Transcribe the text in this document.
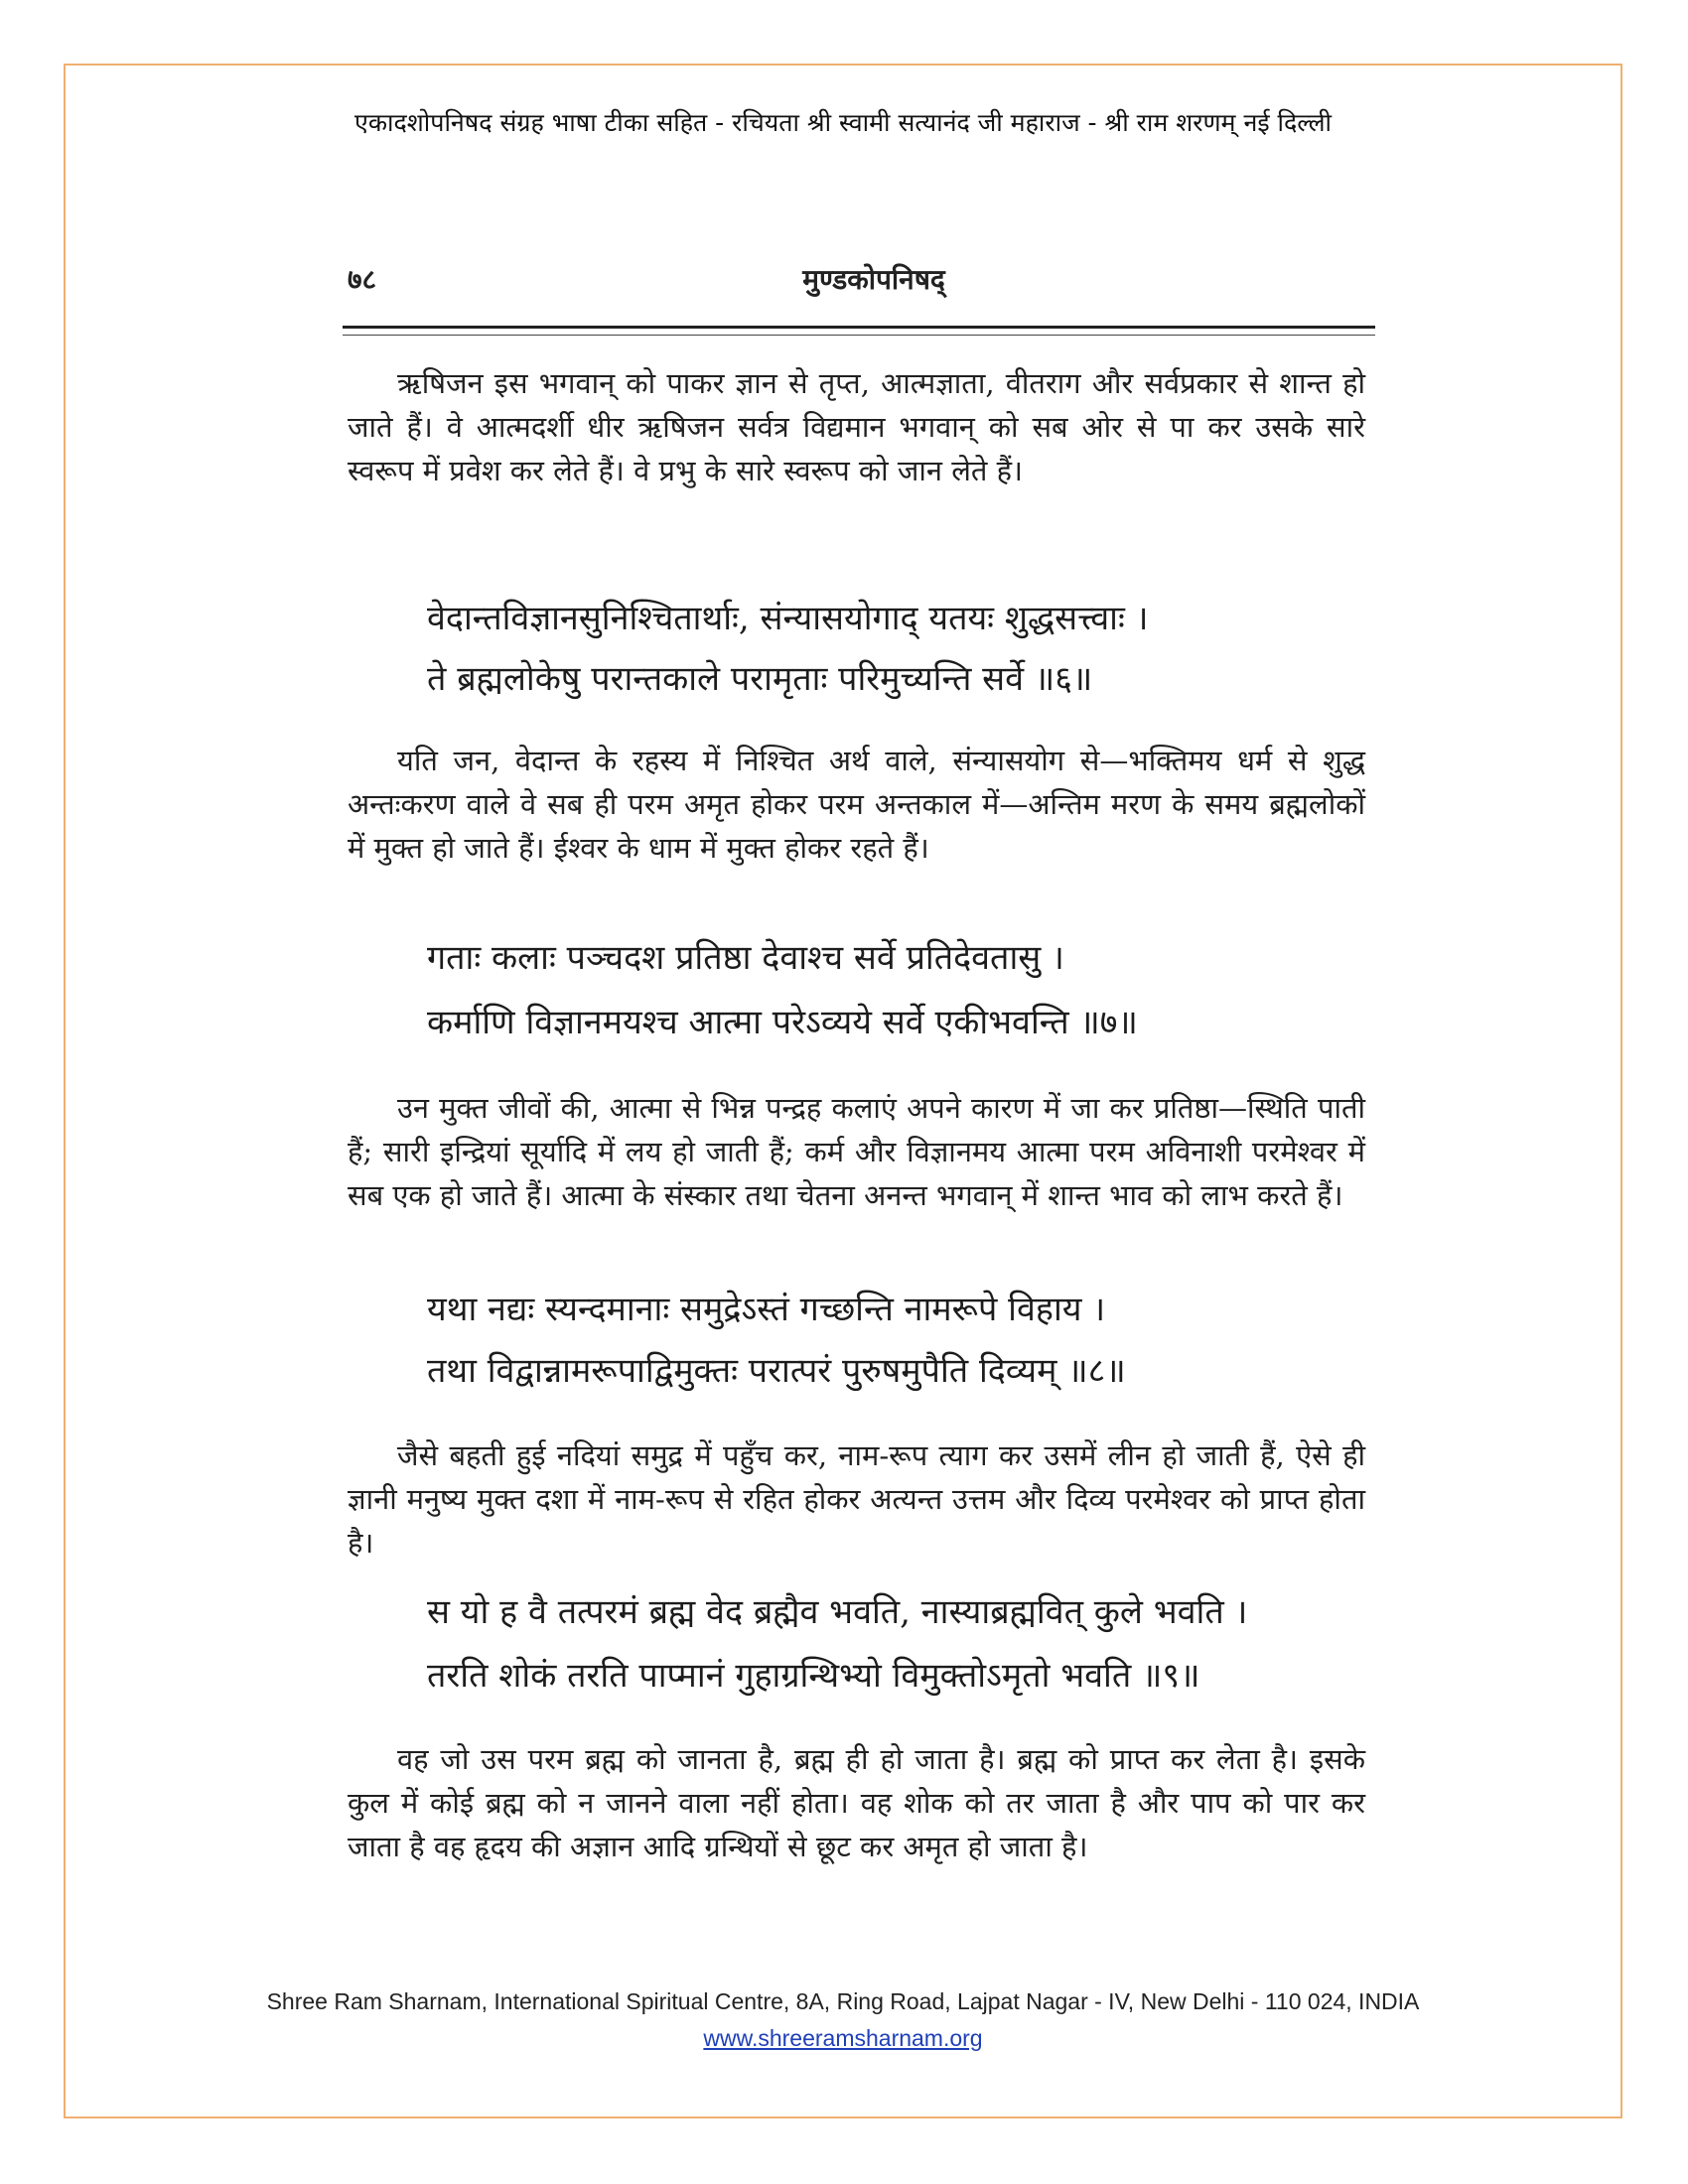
एकादशोपनिषद संग्रह भाषा टीका सहित - रचियता श्री स्वामी सत्यानंद जी महाराज - श्री राम शरणम् नई दिल्ली
७८	मुण्डकोपनिषद्

ऋषिजन इस भगवान् को पाकर ज्ञान से तृप्त, आत्मज्ञाता, वीतराग और सर्वप्रकार से शान्त हो जाते हैं। वे आत्मदर्शी धीर ऋषिजन सर्वत्र विद्यमान भगवान् को सब ओर से पा कर उसके सारे स्वरूप में प्रवेश कर लेते हैं। वे प्रभु के सारे स्वरूप को जान लेते हैं।

वेदान्तविज्ञानसुनिश्चितार्थाः, संन्यासयोगाद् यतयः शुद्धसत्त्वाः ।

ते ब्रह्मलोकेषु परान्तकाले परामृताः परिमुच्यन्ति सर्वे ॥६॥

यति जन, वेदान्त के रहस्य में निश्चित अर्थ वाले, संन्यासयोग से—भक्तिमय धर्म से शुद्ध अन्तःकरण वाले वे सब ही परम अमृत होकर परम अन्तकाल में—अन्तिम मरण के समय ब्रह्मलोकों में मुक्त हो जाते हैं। ईश्वर के धाम में मुक्त होकर रहते हैं।

गताः कलाः पञ्चदश प्रतिष्ठा देवाश्च सर्वे प्रतिदेवतासु ।

कर्माणि विज्ञानमयश्च आत्मा परेऽव्यये सर्वे एकीभवन्ति ॥७॥

उन मुक्त जीवों की, आत्मा से भिन्न पन्द्रह कलाएं अपने कारण में जा कर प्रतिष्ठा—स्थिति पाती हैं; सारी इन्द्रियां सूर्यादि में लय हो जाती हैं; कर्म और विज्ञानमय आत्मा परम अविनाशी परमेश्वर में सब एक हो जाते हैं। आत्मा के संस्कार तथा चेतना अनन्त भगवान् में शान्त भाव को लाभ करते हैं।

यथा नद्यः स्यन्दमानाः समुद्रेऽस्तं गच्छन्ति नामरूपे विहाय ।

तथा विद्वान्नामरूपाद्विमुक्तः परात्परं पुरुषमुपैति दिव्यम् ॥८॥

जैसे बहती हुई नदियां समुद्र में पहुँच कर, नाम-रूप त्याग कर उसमें लीन हो जाती हैं, ऐसे ही ज्ञानी मनुष्य मुक्त दशा में नाम-रूप से रहित होकर अत्यन्त उत्तम और दिव्य परमेश्वर को प्राप्त होता है।

स यो ह वै तत्परमं ब्रह्म वेद ब्रह्मैव भवति, नास्याब्रह्मवित् कुले भवति ।

तरति शोकं तरति पाप्मानं गुहाग्रन्थिभ्यो विमुक्तोऽमृतो भवति ॥९॥

वह जो उस परम ब्रह्म को जानता है, ब्रह्म ही हो जाता है। ब्रह्म को प्राप्त कर लेता है। इसके कुल में कोई ब्रह्म को न जानने वाला नहीं होता। वह शोक को तर जाता है और पाप को पार कर जाता है वह हृदय की अज्ञान आदि ग्रन्थियों से छूट कर अमृत हो जाता है।

Shree Ram Sharnam, International Spiritual Centre, 8A, Ring Road, Lajpat Nagar - IV, New Delhi - 110 024, INDIA
www.shreeramsharnam.org
